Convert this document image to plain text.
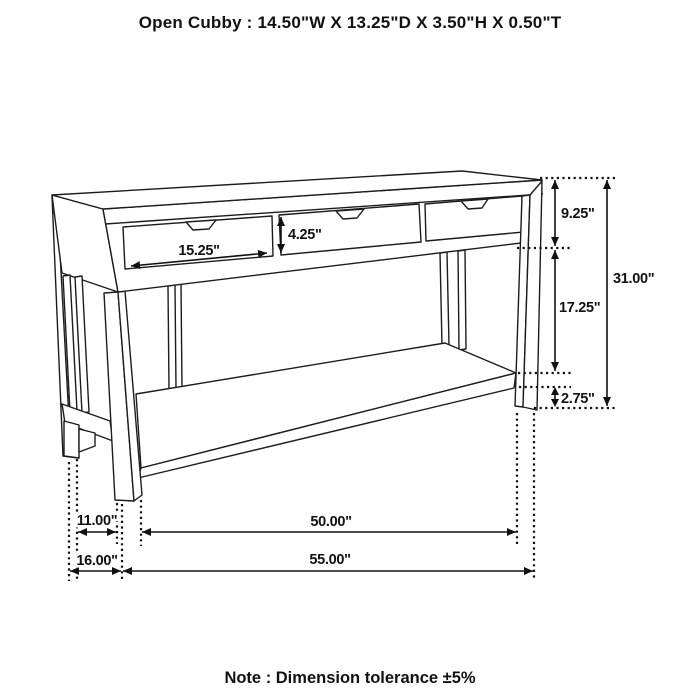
Open Cubby : 14.50"W X 13.25"D X 3.50"H X 0.50"T
15.25"
4.25"
9.25"
17.25"
2.75"
31.00"
11.00"	50.00"
16.00"	55.00"
Note : Dimension tolerance ±5%
